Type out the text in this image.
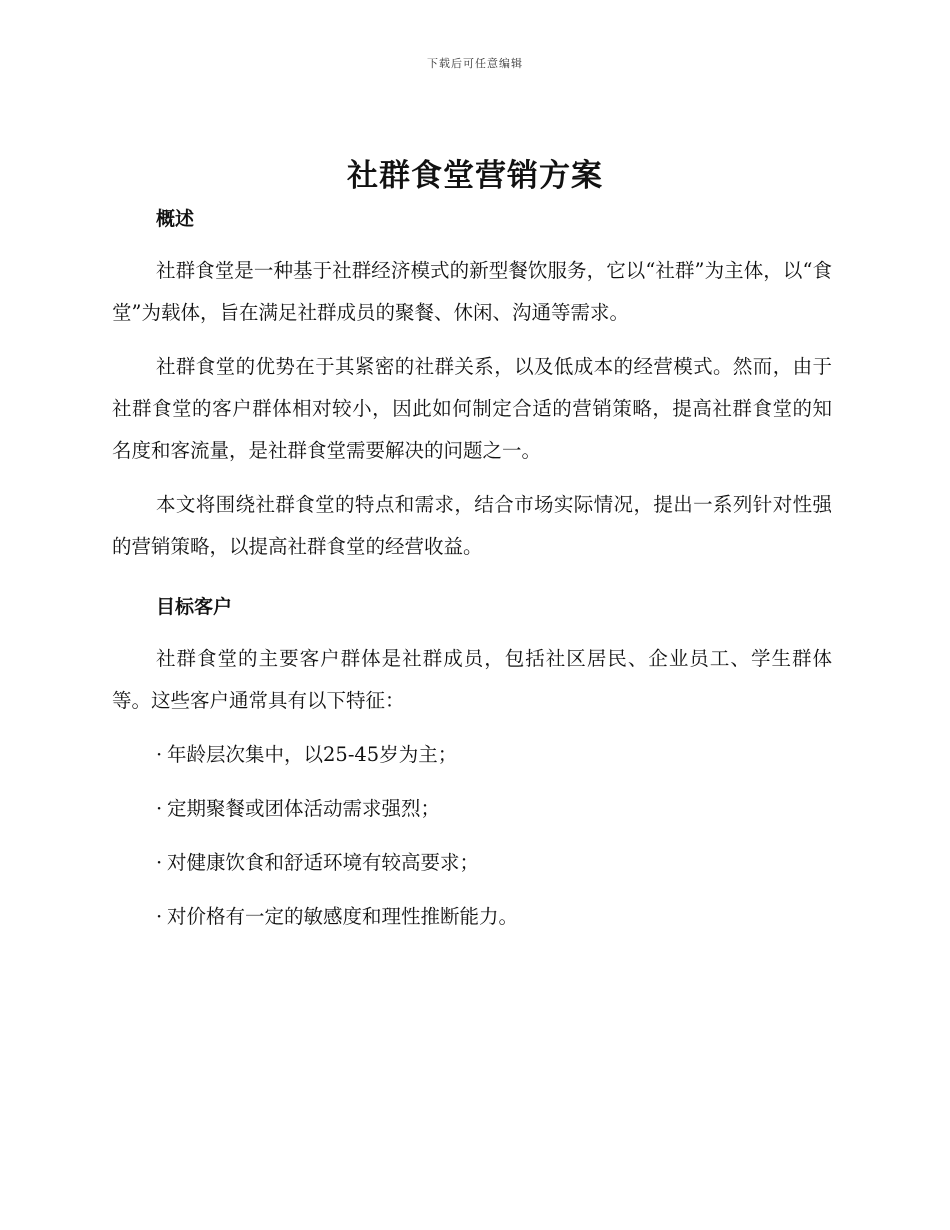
下载后可任意编辑
社群食堂营销方案
概述

社群食堂是一种基于社群经济模式的新型餐饮服务，它以“社群”为主体，以“食堂”为载体，旨在满足社群成员的聚餐、休闲、沟通等需求。

社群食堂的优势在于其紧密的社群关系，以及低成本的经营模式。然而，由于社群食堂的客户群体相对较小，因此如何制定合适的营销策略，提高社群食堂的知名度和客流量，是社群食堂需要解决的问题之一。

本文将围绕社群食堂的特点和需求，结合市场实际情况，提出一系列针对性强的营销策略，以提高社群食堂的经营收益。

目标客户

社群食堂的主要客户群体是社群成员，包括社区居民、企业员工、学生群体等。这些客户通常具有以下特征：

· 年龄层次集中，以25-45岁为主；
· 定期聚餐或团体活动需求强烈；
· 对健康饮食和舒适环境有较高要求；
· 对价格有一定的敏感度和理性推断能力。
